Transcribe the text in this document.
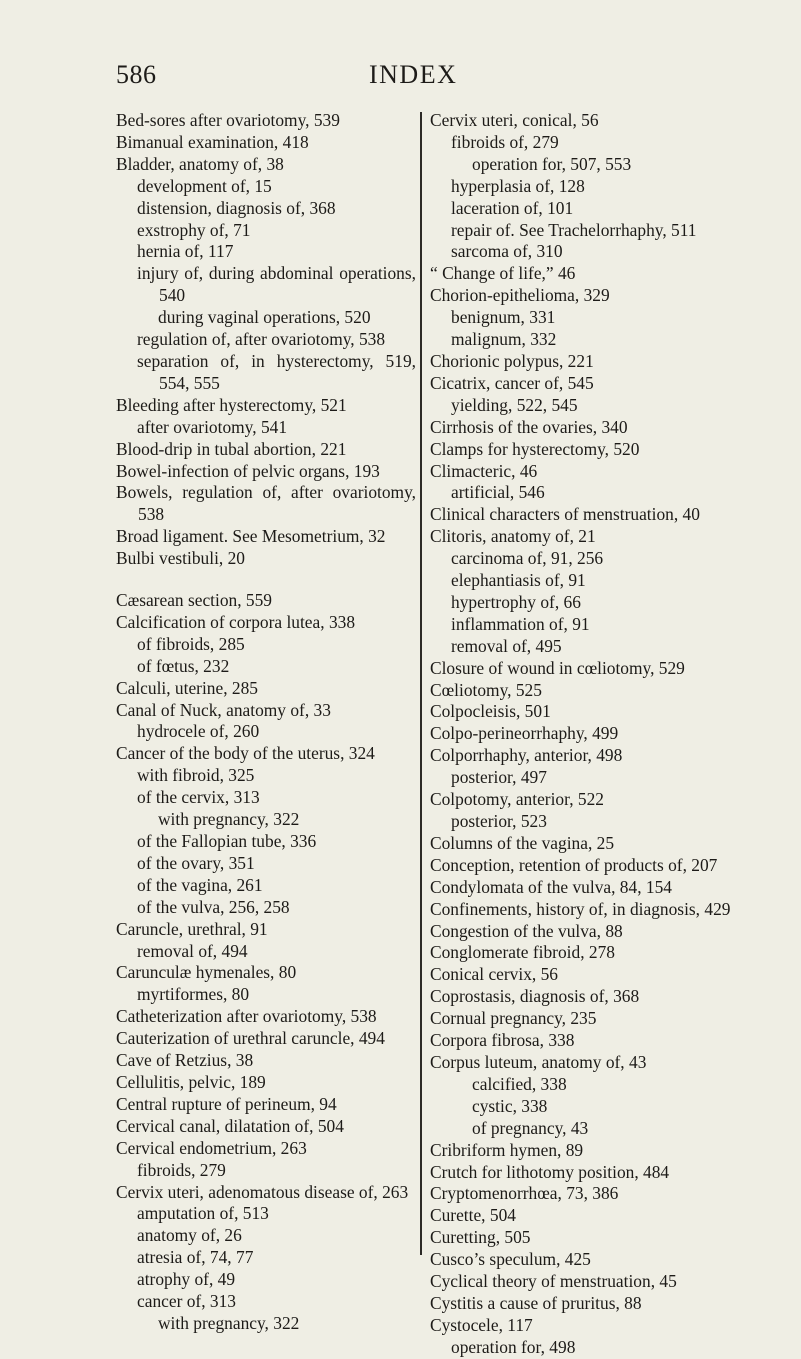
586	INDEX
Bed-sores after ovariotomy, 539
Bimanual examination, 418
Bladder, anatomy of, 38
development of, 15
distension, diagnosis of, 368
exstrophy of, 71
hernia of, 117
injury of, during abdominal operations, 540
during vaginal operations, 520
regulation of, after ovariotomy, 538
separation of, in hysterectomy, 519, 554, 555
Bleeding after hysterectomy, 521
after ovariotomy, 541
Blood-drip in tubal abortion, 221
Bowel-infection of pelvic organs, 193
Bowels, regulation of, after ovariotomy, 538
Broad ligament. See Mesometrium, 32
Bulbi vestibuli, 20
Cæsarean section, 559
Calcification of corpora lutea, 338
of fibroids, 285
of fœtus, 232
Calculi, uterine, 285
Canal of Nuck, anatomy of, 33
hydrocele of, 260
Cancer of the body of the uterus, 324
with fibroid, 325
of the cervix, 313
with pregnancy, 322
of the Fallopian tube, 336
of the ovary, 351
of the vagina, 261
of the vulva, 256, 258
Caruncle, urethral, 91
removal of, 494
Carunculæ hymenales, 80
myrtiformes, 80
Catheterization after ovariotomy, 538
Cauterization of urethral caruncle, 494
Cave of Retzius, 38
Cellulitis, pelvic, 189
Central rupture of perineum, 94
Cervical canal, dilatation of, 504
Cervical endometrium, 263
fibroids, 279
Cervix uteri, adenomatous disease of, 263
amputation of, 513
anatomy of, 26
atresia of, 74, 77
atrophy of, 49
cancer of, 313
with pregnancy, 322
Cervix uteri, conical, 56
fibroids of, 279
operation for, 507, 553
hyperplasia of, 128
laceration of, 101
repair of. See Trachelorrhaphy, 511
sarcoma of, 310
“ Change of life,” 46
Chorion-epithelioma, 329
benignum, 331
malignum, 332
Chorionic polypus, 221
Cicatrix, cancer of, 545
yielding, 522, 545
Cirrhosis of the ovaries, 340
Clamps for hysterectomy, 520
Climacteric, 46
artificial, 546
Clinical characters of menstruation, 40
Clitoris, anatomy of, 21
carcinoma of, 91, 256
elephantiasis of, 91
hypertrophy of, 66
inflammation of, 91
removal of, 495
Closure of wound in cœliotomy, 529
Cœliotomy, 525
Colpocleisis, 501
Colpo-perineorrhaphy, 499
Colporrhaphy, anterior, 498
posterior, 497
Colpotomy, anterior, 522
posterior, 523
Columns of the vagina, 25
Conception, retention of products of, 207
Condylomata of the vulva, 84, 154
Confinements, history of, in diagnosis, 429
Congestion of the vulva, 88
Conglomerate fibroid, 278
Conical cervix, 56
Coprostasis, diagnosis of, 368
Cornual pregnancy, 235
Corpora fibrosa, 338
Corpus luteum, anatomy of, 43
calcified, 338
cystic, 338
of pregnancy, 43
Cribriform hymen, 89
Crutch for lithotomy position, 484
Cryptomenorrhœa, 73, 386
Curette, 504
Curetting, 505
Cusco’s speculum, 425
Cyclical theory of menstruation, 45
Cystitis a cause of pruritus, 88
Cystocele, 117
operation for, 498
